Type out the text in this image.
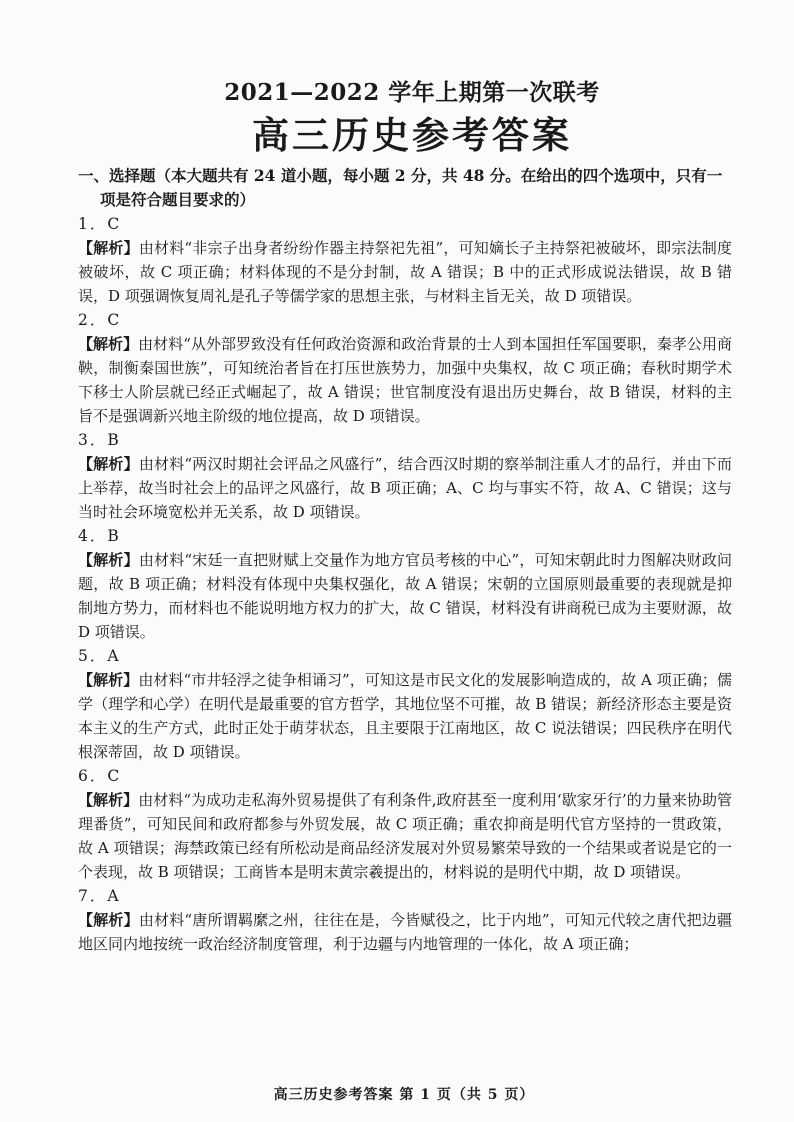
2021—2022 学年上期第一次联考
高三历史参考答案

一、选择题（本大题共有 24 道小题，每小题 2 分，共 48 分。在给出的四个选项中，只有一项是符合题目要求的）

1．C

【解析】由材料“非宗子出身者纷纷作器主持祭祀先祖”，可知嫡长子主持祭祀被破坏，即宗法制度被破坏，故 C 项正确；材料体现的不是分封制，故 A 错误；B 中的正式形成说法错误，故 B 错误，D 项强调恢复周礼是孔子等儒学家的思想主张，与材料主旨无关，故 D 项错误。

2．C

【解析】由材料“从外部罗致没有任何政治资源和政治背景的士人到本国担任军国要职，秦孝公用商鞅，制衡秦国世族”，可知统治者旨在打压世族势力，加强中央集权，故 C 项正确；春秋时期学术下移士人阶层就已经正式崛起了，故 A 错误；世官制度没有退出历史舞台，故 B 错误，材料的主旨不是强调新兴地主阶级的地位提高，故 D 项错误。

3．B

【解析】由材料“两汉时期社会评品之风盛行”，结合西汉时期的察举制注重人才的品行，并由下而上举荐，故当时社会上的品评之风盛行，故 B 项正确；A、C 均与事实不符，故 A、C 错误；这与当时社会环境宽松并无关系，故 D 项错误。

4．B

【解析】由材料“宋廷一直把财赋上交量作为地方官员考核的中心”，可知宋朝此时力图解决财政问题，故 B 项正确；材料没有体现中央集权强化，故 A 错误；宋朝的立国原则最重要的表现就是抑制地方势力，而材料也不能说明地方权力的扩大，故 C 错误，材料没有讲商税已成为主要财源，故 D 项错误。

5．A

【解析】由材料“市井轻浮之徒争相诵习”，可知这是市民文化的发展影响造成的，故 A 项正确；儒学（理学和心学）在明代是最重要的官方哲学，其地位坚不可摧，故 B 错误；新经济形态主要是资本主义的生产方式，此时正处于萌芽状态，且主要限于江南地区，故 C 说法错误；四民秩序在明代根深蒂固，故 D 项错误。

6．C

【解析】由材料“为成功走私海外贸易提供了有利条件,政府甚至一度利用‘歇家牙行’的力量来协助管理番货”，可知民间和政府都参与外贸发展，故 C 项正确；重农抑商是明代官方坚持的一贯政策，故 A 项错误；海禁政策已经有所松动是商品经济发展对外贸易繁荣导致的一个结果或者说是它的一个表现，故 B 项错误；工商皆本是明末黄宗羲提出的，材料说的是明代中期，故 D 项错误。

7．A

【解析】由材料“唐所谓羁縻之州，往往在是，今皆赋役之，比于内地”，可知元代较之唐代把边疆地区同内地按统一政治经济制度管理，利于边疆与内地管理的一体化，故 A 项正确；

高三历史参考答案 第 1 页（共 5 页）
